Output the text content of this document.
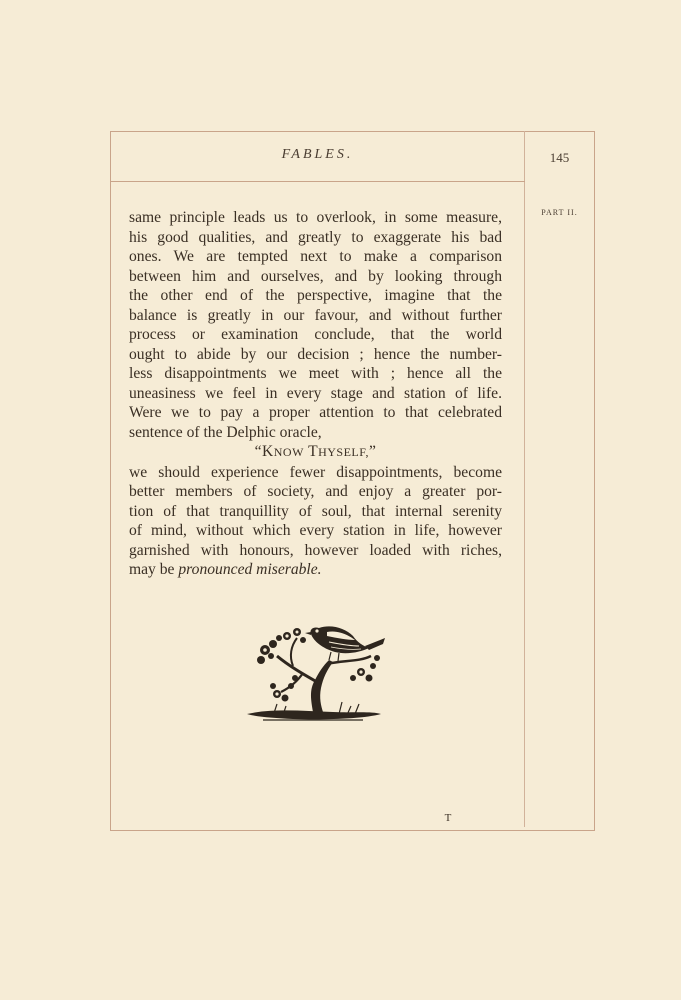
FABLES.	145
PART II.
same principle leads us to overlook, in some measure,
his good qualities, and greatly to exaggerate his bad
ones. We are tempted next to make a comparison
between him and ourselves, and by looking through
the other end of the perspective, imagine that the
balance is greatly in our favour, and without further
process or examination conclude, that the world
ought to abide by our decision ; hence the number-
less disappointments we meet with ; hence all the
uneasiness we feel in every stage and station of life.
Were we to pay a proper attention to that celebrated
sentence of the Delphic oracle,
“KNOW THYSELF,”
we should experience fewer disappointments, become
better members of society, and enjoy a greater por-
tion of that tranquillity of soul, that internal serenity
of mind, without which every station in life, however
garnished with honours, however loaded with riches,
may be pronounced miserable.
T
